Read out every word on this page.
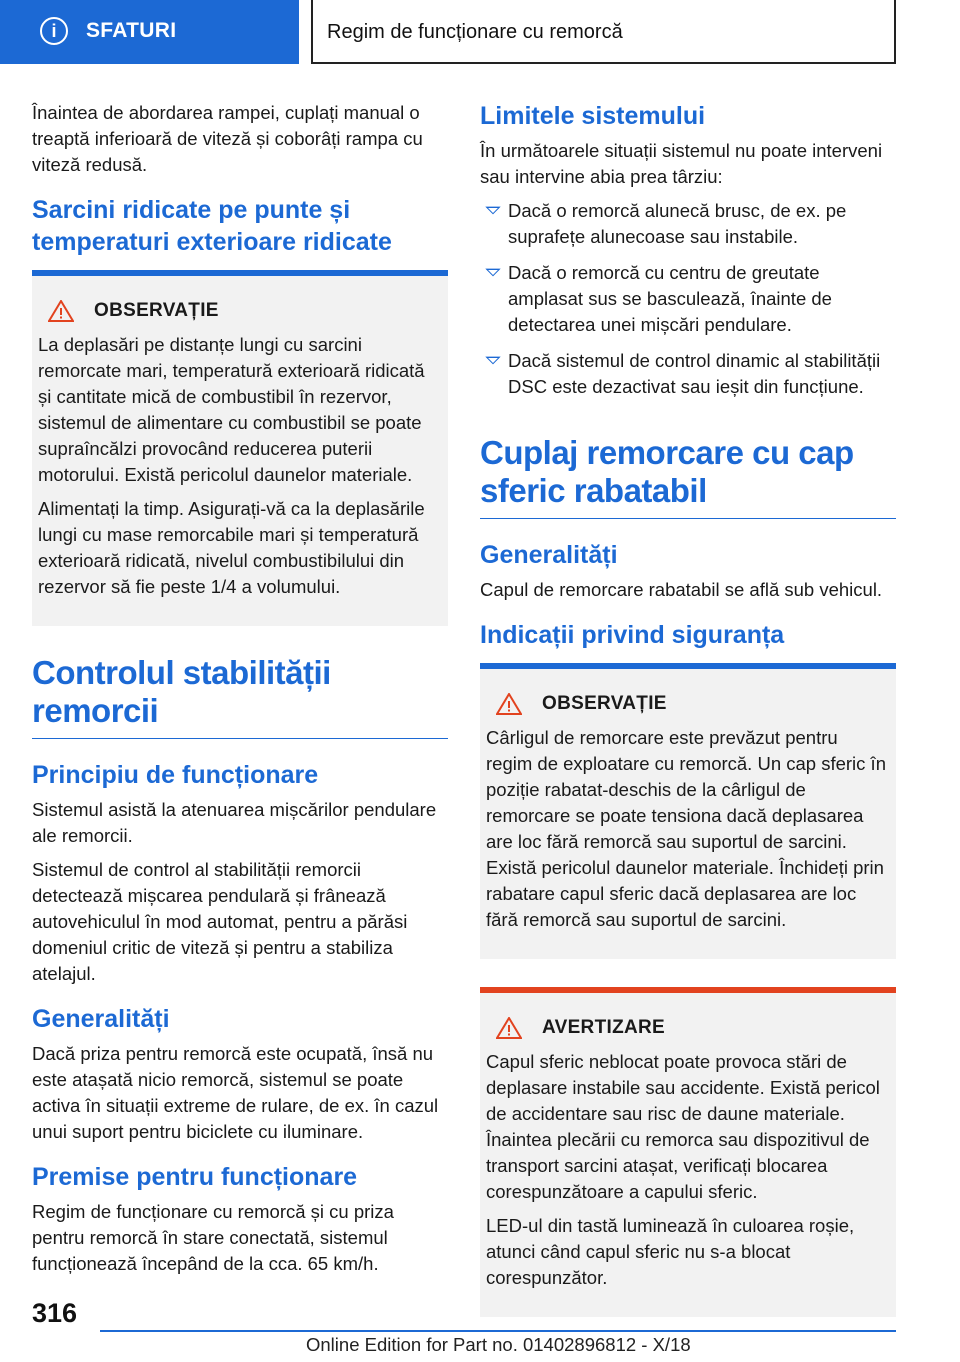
i	SFATURI	Regim de funcționare cu remorcă

Înaintea de abordarea rampei, cuplați manual o treaptă inferioară de viteză și coborâți rampa cu viteză redusă.

Sarcini ridicate pe punte și temperaturi exterioare ridicate
OBSERVAȚIE

La deplasări pe distanțe lungi cu sarcini remorcate mari, temperatură exterioară ridicată și cantitate mică de combustibil în rezervor, sistemul de alimentare cu combustibil se poate supraîncălzi provocând reducerea puterii motorului. Există pericolul daunelor materiale.

Alimentați la timp. Asigurați-vă ca la deplasările lungi cu mase remorcabile mari și temperatură exterioară ridicată, nivelul combustibilului din rezervor să fie peste 1/4 a volumului.

Controlul stabilității remorcii
Principiu de funcționare

Sistemul asistă la atenuarea mișcărilor pendulare ale remorcii.

Sistemul de control al stabilității remorcii detectează mișcarea pendulară și frânează autovehiculul în mod automat, pentru a părăsi domeniul critic de viteză și pentru a stabiliza atelajul.

Generalități

Dacă priza pentru remorcă este ocupată, însă nu este atașată nicio remorcă, sistemul se poate activa în situații extreme de rulare, de ex. în cazul unui suport pentru biciclete cu iluminare.

Premise pentru funcționare

Regim de funcționare cu remorcă și cu priza pentru remorcă în stare conectată, sistemul funcționează începând de la cca. 65 km/h.

Limitele sistemului

În următoarele situații sistemul nu poate interveni sau intervine abia prea târziu:

Dacă o remorcă alunecă brusc, de ex. pe suprafețe alunecoase sau instabile.
Dacă o remorcă cu centru de greutate amplasat sus se basculează, înainte de detectarea unei mișcări pendulare.
Dacă sistemul de control dinamic al stabilității DSC este dezactivat sau ieșit din funcțiune.
Cuplaj remorcare cu cap sferic rabatabil
Generalități

Capul de remorcare rabatabil se află sub vehicul.

Indicații privind siguranța
OBSERVAȚIE

Cârligul de remorcare este prevăzut pentru regim de exploatare cu remorcă. Un cap sferic în poziție rabatat-deschis de la cârligul de remorcare se poate tensiona dacă deplasarea are loc fără remorcă sau suportul de sarcini. Există pericolul daunelor materiale. Închideți prin rabatare capul sferic dacă deplasarea are loc fără remorcă sau suportul de sarcini.

AVERTIZARE

Capul sferic neblocat poate provoca stări de deplasare instabile sau accidente. Există pericol de accidentare sau risc de daune materiale. Înaintea plecării cu remorca sau dispozitivul de transport sarcini atașat, verificați blocarea corespunzătoare a capului sferic.

LED-ul din tastă luminează în culoarea roșie, atunci când capul sferic nu s-a blocat corespunzător.

316
Online Edition for Part no. 01402896812 - X/18
